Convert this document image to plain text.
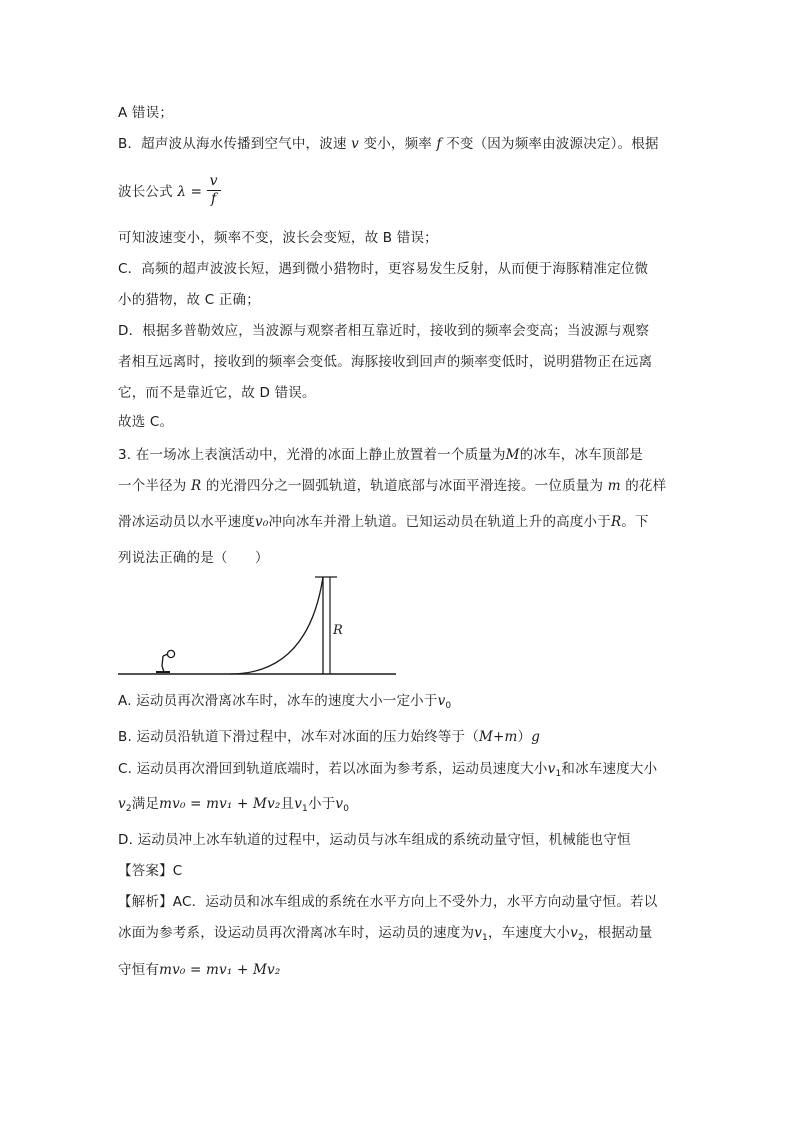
A 错误；
B．超声波从海水传播到空气中，波速 v 变小，频率 f 不变（因为频率由波源决定）。根据
波长公式 $\lambda = \frac{v}{f}$
可知波速变小，频率不变，波长会变短，故 B 错误；
C．高频的超声波波长短，遇到微小猎物时，更容易发生反射，从而便于海豚精准定位微
小的猎物，故 C 正确；
D．根据多普勒效应，当波源与观察者相互靠近时，接收到的频率会变高；当波源与观察
者相互远离时，接收到的频率会变低。海豚接收到回声的频率变低时，说明猎物正在远离
它，而不是靠近它，故 D 错误。
故选 C。
3. 在一场冰上表演活动中，光滑的冰面上静止放置着一个质量为M的冰车，冰车顶部是
一个半径为 R 的光滑四分之一圆弧轨道，轨道底部与冰面平滑连接。一位质量为 m 的花样
滑冰运动员以水平速度v₀冲向冰车并滑上轨道。已知运动员在轨道上升的高度小于R。下
列说法正确的是（　　）
R
A. 运动员再次滑离冰车时，冰车的速度大小一定小于$v_0$
B. 运动员沿轨道下滑过程中，冰车对冰面的压力始终等于（M+m）g
C. 运动员再次滑回到轨道底端时，若以冰面为参考系，运动员速度大小$v_1$和冰车速度大小
$v_2$满足mv₀ = mv₁ + Mv₂且$v_1$小于$v_0$
D. 运动员冲上冰车轨道的过程中，运动员与冰车组成的系统动量守恒，机械能也守恒
【答案】C
【解析】AC．运动员和冰车组成的系统在水平方向上不受外力，水平方向动量守恒。若以
冰面为参考系，设运动员再次滑离冰车时，运动员的速度为$v_1$，车速度大小$v_2$，根据动量
守恒有mv₀ = mv₁ + Mv₂
